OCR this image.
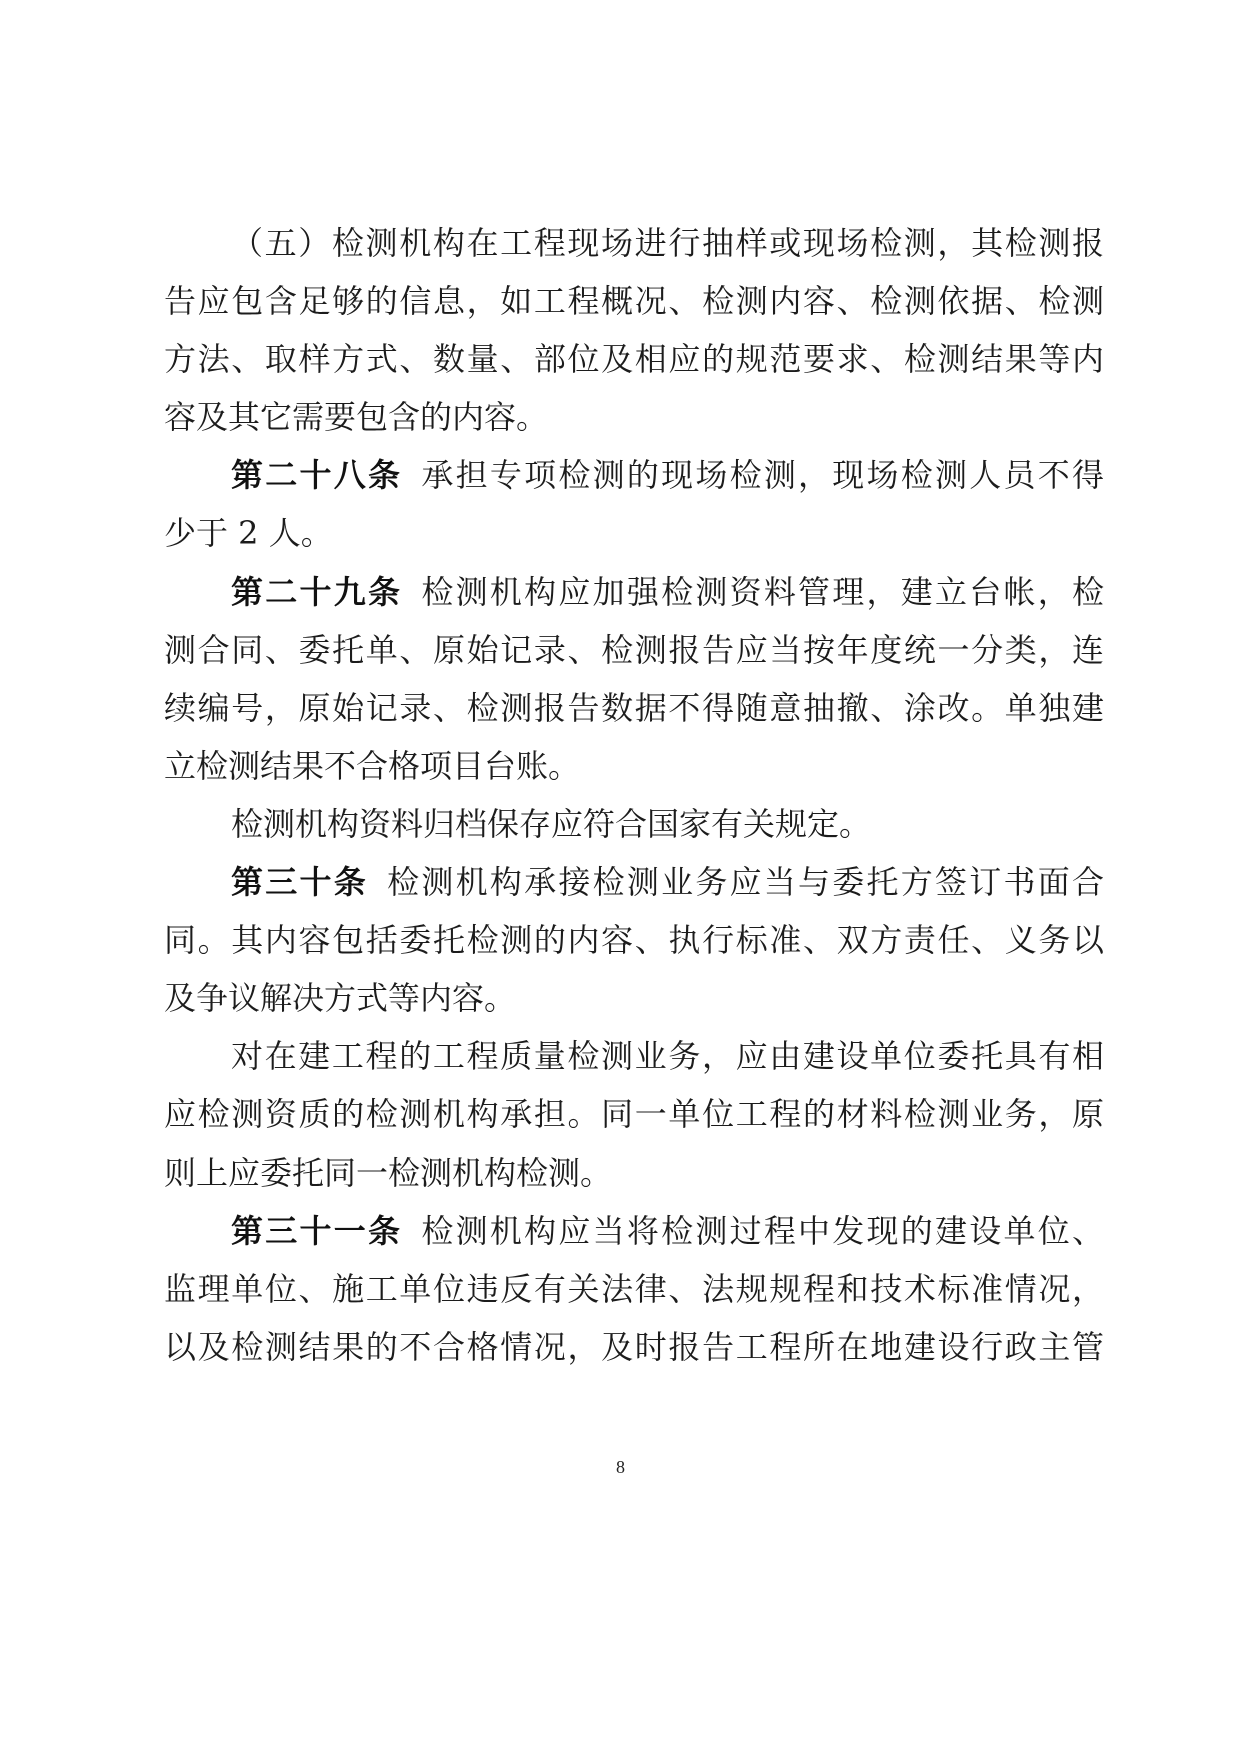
（五）检测机构在工程现场进行抽样或现场检测，其检测报
告应包含足够的信息，如工程概况、检测内容、检测依据、检测
方法、取样方式、数量、部位及相应的规范要求、检测结果等内
容及其它需要包含的内容。
第二十八条 承担专项检测的现场检测，现场检测人员不得
少于 2 人。
第二十九条 检测机构应加强检测资料管理，建立台帐，检
测合同、委托单、原始记录、检测报告应当按年度统一分类，连
续编号，原始记录、检测报告数据不得随意抽撤、涂改。单独建
立检测结果不合格项目台账。
检测机构资料归档保存应符合国家有关规定。
第三十条 检测机构承接检测业务应当与委托方签订书面合
同。其内容包括委托检测的内容、执行标准、双方责任、义务以
及争议解决方式等内容。
对在建工程的工程质量检测业务，应由建设单位委托具有相
应检测资质的检测机构承担。同一单位工程的材料检测业务，原
则上应委托同一检测机构检测。
第三十一条 检测机构应当将检测过程中发现的建设单位、
监理单位、施工单位违反有关法律、法规规程和技术标准情况，
以及检测结果的不合格情况，及时报告工程所在地建设行政主管
8
